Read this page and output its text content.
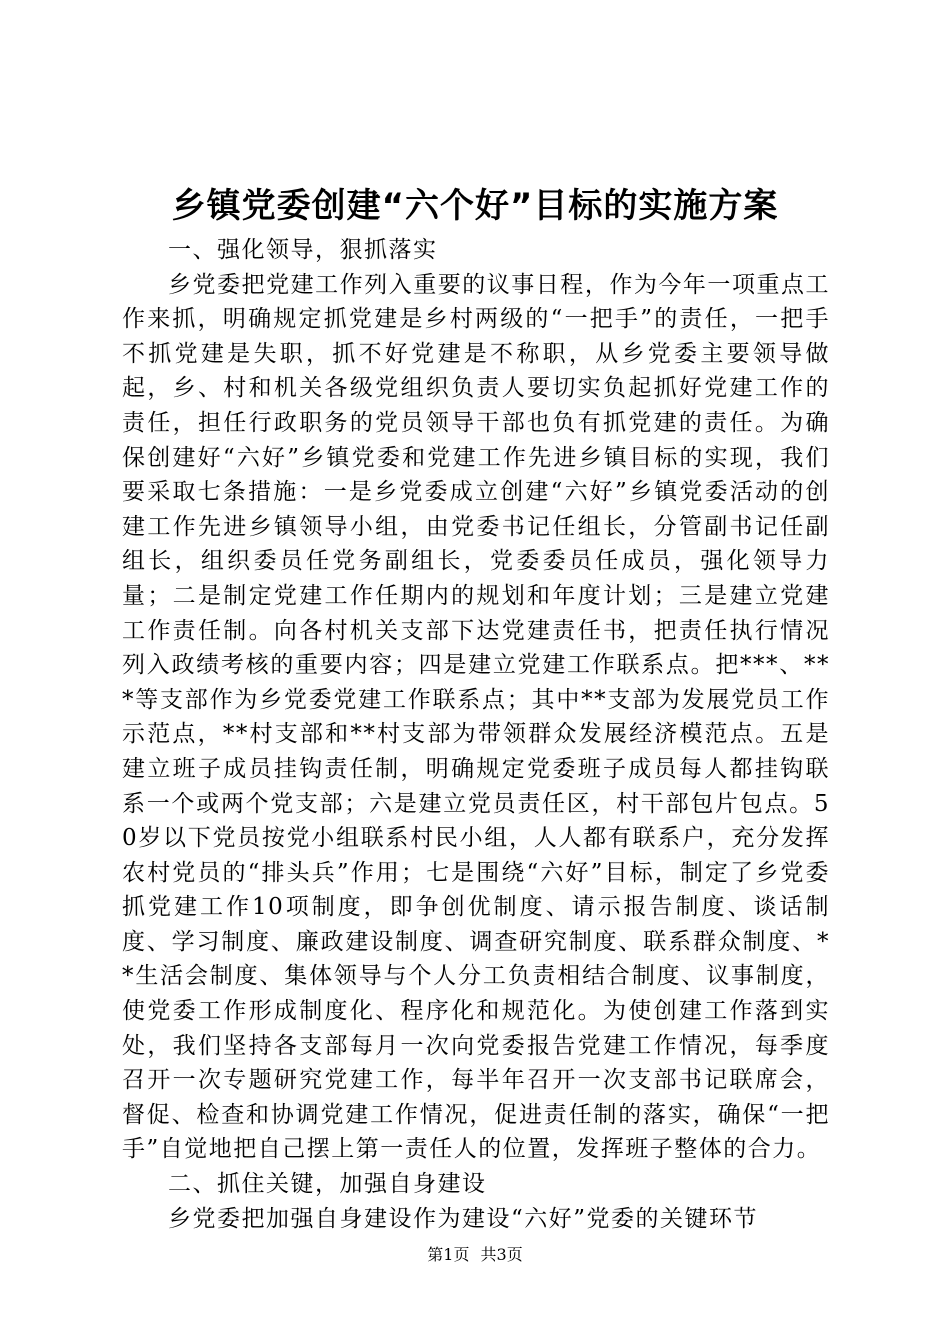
乡镇党委创建“六个好”目标的实施方案

一、强化领导，狠抓落实

乡党委把党建工作列入重要的议事日程，作为今年一项重点工作来抓，明确规定抓党建是乡村两级的“一把手”的责任，一把手不抓党建是失职，抓不好党建是不称职，从乡党委主要领导做起，乡、村和机关各级党组织负责人要切实负起抓好党建工作的责任，担任行政职务的党员领导干部也负有抓党建的责任。为确保创建好“六好”乡镇党委和党建工作先进乡镇目标的实现，我们要采取七条措施：一是乡党委成立创建“六好”乡镇党委活动的创建工作先进乡镇领导小组，由党委书记任组长，分管副书记任副组长，组织委员任党务副组长，党委委员任成员，强化领导力量；二是制定党建工作任期内的规划和年度计划；三是建立党建工作责任制。向各村机关支部下达党建责任书，把责任执行情况列入政绩考核的重要内容；四是建立党建工作联系点。把***、***等支部作为乡党委党建工作联系点；其中**支部为发展党员工作示范点，**村支部和**村支部为带领群众发展经济模范点。五是建立班子成员挂钩责任制，明确规定党委班子成员每人都挂钩联系一个或两个党支部；六是建立党员责任区，村干部包片包点。50岁以下党员按党小组联系村民小组，人人都有联系户，充分发挥农村党员的“排头兵”作用；七是围绕“六好”目标，制定了乡党委抓党建工作10项制度，即争创优制度、请示报告制度、谈话制度、学习制度、廉政建设制度、调查研究制度、联系群众制度、**生活会制度、集体领导与个人分工负责相结合制度、议事制度，使党委工作形成制度化、程序化和规范化。为使创建工作落到实处，我们坚持各支部每月一次向党委报告党建工作情况，每季度召开一次专题研究党建工作，每半年召开一次支部书记联席会，督促、检查和协调党建工作情况，促进责任制的落实，确保“一把手”自觉地把自己摆上第一责任人的位置，发挥班子整体的合力。

二、抓住关键，加强自身建设

乡党委把加强自身建设作为建设“六好”党委的关键环节

第1页 共3页
